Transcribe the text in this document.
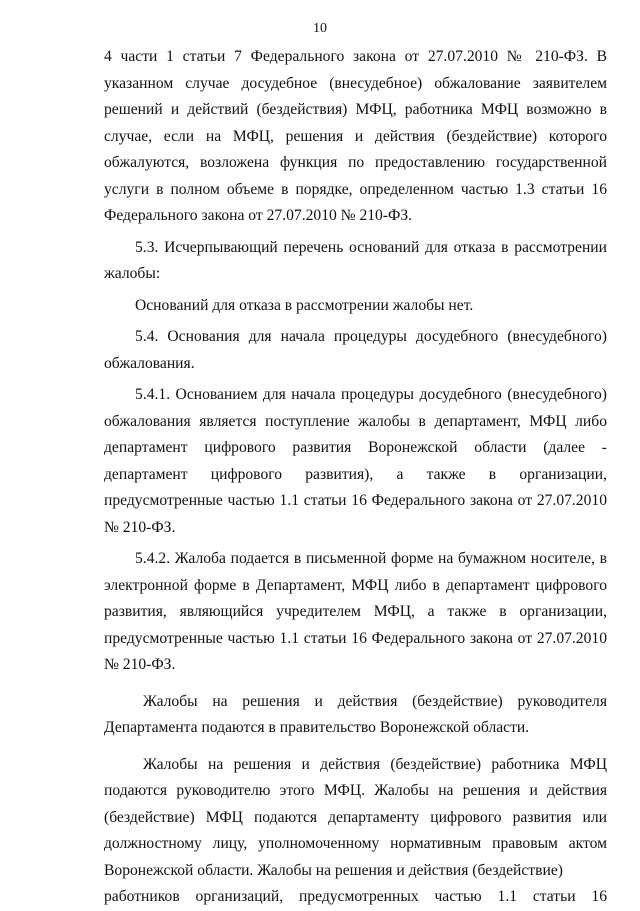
10

4 части 1 статьи 7 Федерального закона от 27.07.2010 № 210-ФЗ. В указанном случае досудебное (внесудебное) обжалование заявителем решений и действий (бездействия) МФЦ, работника МФЦ возможно в случае, если на МФЦ, решения и действия (бездействие) которого обжалуются, возложена функция по предоставлению государственной услуги в полном объеме в порядке, определенном частью 1.3 статьи 16 Федерального закона от 27.07.2010 № 210-ФЗ.

5.3. Исчерпывающий перечень оснований для отказа в рассмотрении жалобы:

Оснований для отказа в рассмотрении жалобы нет.

5.4. Основания для начала процедуры досудебного (внесудебного) обжалования.

5.4.1. Основанием для начала процедуры досудебного (внесудебного) обжалования является поступление жалобы в департамент, МФЦ либо департамент цифрового развития Воронежской области (далее - департамент цифрового развития), а также в организации, предусмотренные частью 1.1 статьи 16 Федерального закона от 27.07.2010 № 210-ФЗ.

5.4.2. Жалоба подается в письменной форме на бумажном носителе, в электронной форме в Департамент, МФЦ либо в департамент цифрового развития, являющийся учредителем МФЦ, а также в организации, предусмотренные частью 1.1 статьи 16 Федерального закона от 27.07.2010 № 210-ФЗ.

Жалобы на решения и действия (бездействие) руководителя Департамента подаются в правительство Воронежской области.

Жалобы на решения и действия (бездействие) работника МФЦ подаются руководителю этого МФЦ. Жалобы на решения и действия (бездействие) МФЦ подаются департаменту цифрового развития или должностному лицу, уполномоченному нормативным правовым актом Воронежской области. Жалобы на решения и действия (бездействие)

работников организаций, предусмотренных частью 1.1 статьи 16
